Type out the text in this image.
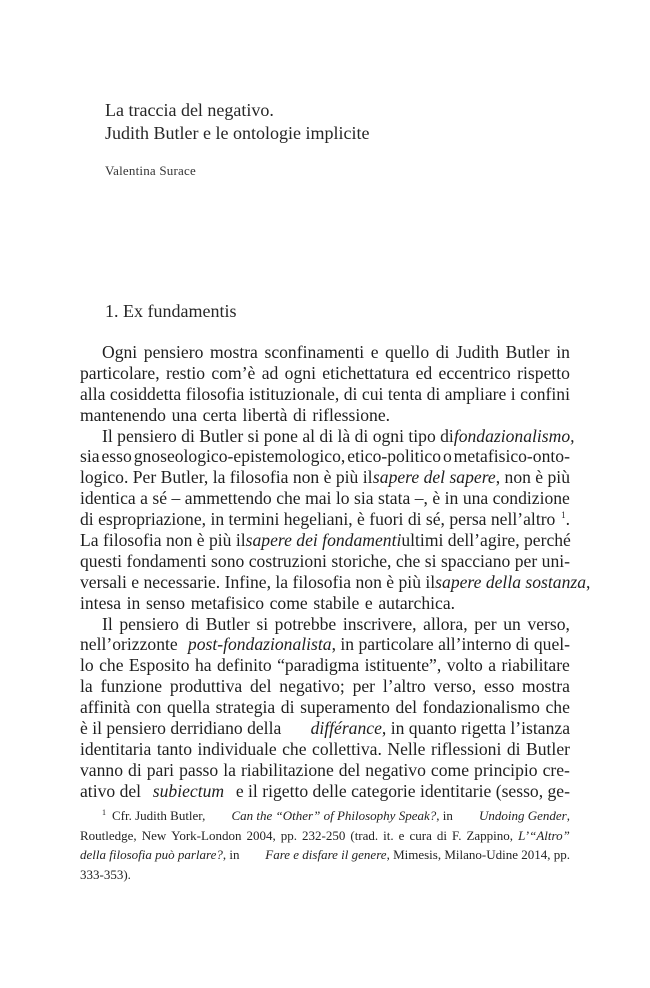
La traccia del negativo.

Judith Butler e le ontologie implicite

Valentina Surace
1. Ex fundamentis
Ogni pensiero mostra sconfinamenti e quello di Judith Butler in
particolare, restio com’è ad ogni etichettatura ed eccentrico rispetto
alla cosiddetta filosofia istituzionale, di cui tenta di ampliare i confini
mantenendo una certa libertà di riflessione.
Il pensiero di Butler si pone al di là di ogni tipo di fondazionalismo,
sia esso gnoseologico-epistemologico, etico-politico o metafisico-onto-
logico. Per Butler, la filosofia non è più il sapere del sapere, non è più
identica a sé – ammettendo che mai lo sia stata –, è in una condizione
di espropriazione, in termini hegeliani, è fuori di sé, persa nell’altro $^1$.
La filosofia non è più il sapere dei fondamenti ultimi dell’agire, perché
questi fondamenti sono costruzioni storiche, che si spacciano per uni-
versali e necessarie. Infine, la filosofia non è più il sapere della sostanza,
intesa in senso metafisico come stabile e autarchica.
Il pensiero di Butler si potrebbe inscrivere, allora, per un verso,
nell’orizzonte post-fondazionalista, in particolare all’interno di quel-
lo che Esposito ha definito “paradigma istituente”, volto a riabilitare
la funzione produttiva del negativo; per l’altro verso, esso mostra
affinità con quella strategia di superamento del fondazionalismo che
è il pensiero derridiano della différance, in quanto rigetta l’istanza
identitaria tanto individuale che collettiva. Nelle riflessioni di Butler
vanno di pari passo la riabilitazione del negativo come principio cre-
ativo del subiectum e il rigetto delle categorie identitarie (sesso, ge-
$^1$ Cfr. Judith Butler, Can the “Other” of Philosophy Speak?, in Undoing Gender,
Routledge, New York-London 2004, pp. 232-250 (trad. it. e cura di F. Zappino, L’“Altro”
della filosofia può parlare?, in Fare e disfare il genere, Mimesis, Milano-Udine 2014, pp.
333-353).
